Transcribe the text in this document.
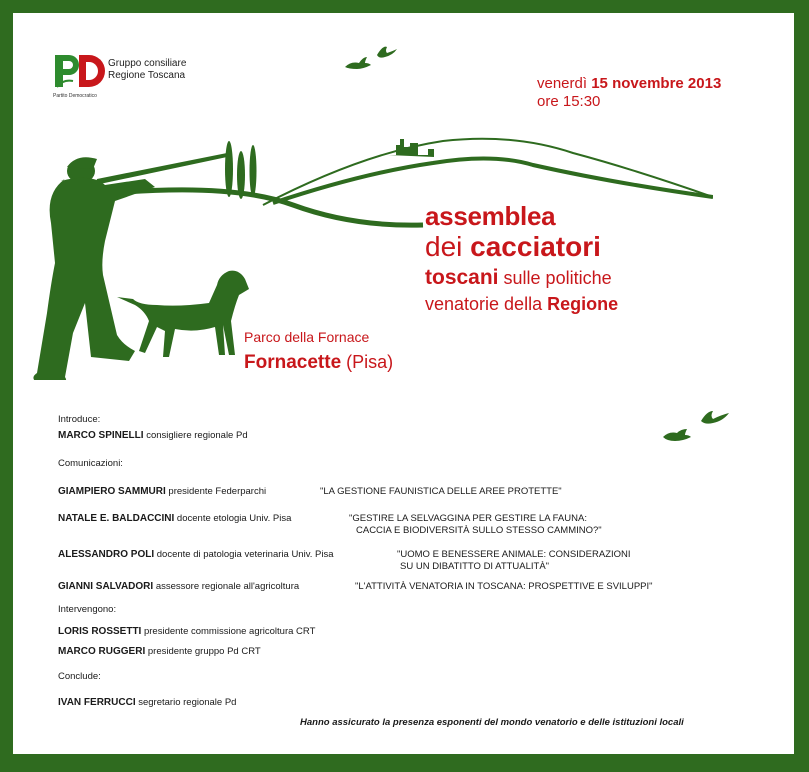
Partito Democratico
Gruppo consiliare
Regione Toscana	venerdì 15 novembre 2013
ore 15:30
assemblea
dei cacciatori
toscani sulle politiche
venatorie della Regione
Parco della Fornace
Fornacette (Pisa)
Introduce:
MARCO SPINELLI consigliere regionale Pd
Comunicazioni:
GIAMPIERO SAMMURI presidente Federparchi	"LA GESTIONE FAUNISTICA DELLE AREE PROTETTE"
NATALE E. BALDACCINI docente etologia Univ. Pisa	"GESTIRE LA SELVAGGINA PER GESTIRE LA FAUNA:
CACCIA E BIODIVERSITÀ SULLO STESSO CAMMINO?"
ALESSANDRO POLI docente di patologia veterinaria Univ. Pisa	"UOMO E BENESSERE ANIMALE: CONSIDERAZIONI
SU UN DIBATITTO DI ATTUALITÀ"
GIANNI SALVADORI assessore regionale all'agricoltura	"L'ATTIVITÀ VENATORIA IN TOSCANA: PROSPETTIVE E SVILUPPI"
Intervengono:
LORIS ROSSETTI presidente commissione agricoltura CRT
MARCO RUGGERI presidente gruppo Pd CRT
Conclude:
IVAN FERRUCCI segretario regionale Pd
Hanno assicurato la presenza esponenti del mondo venatorio e delle istituzioni locali
